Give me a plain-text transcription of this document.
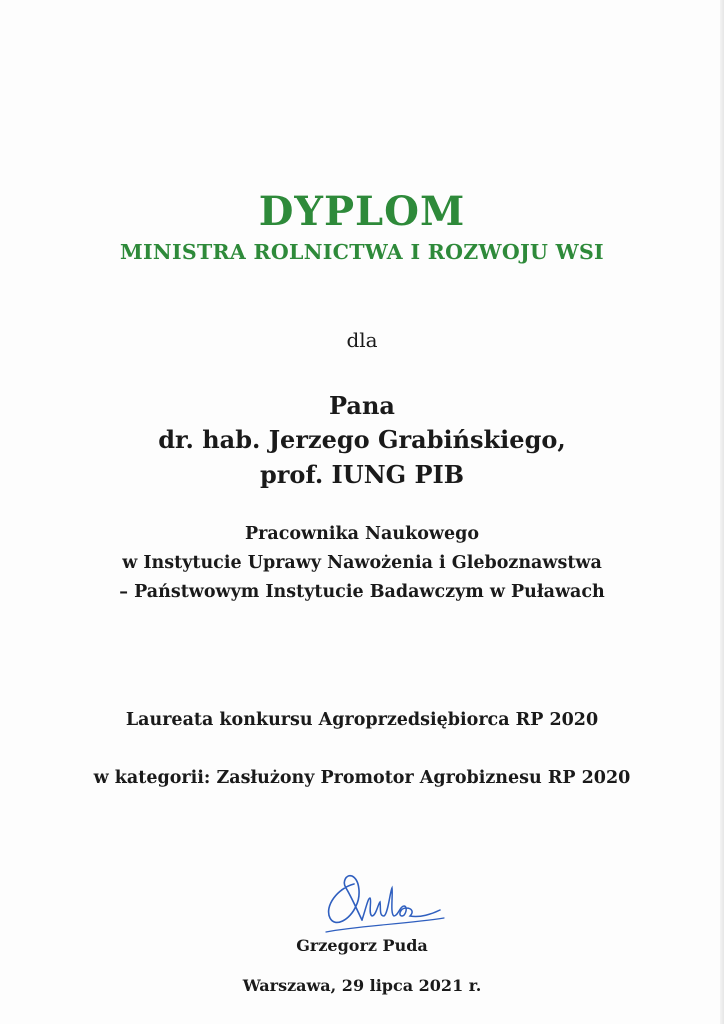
DYPLOM
MINISTRA ROLNICTWA I ROZWOJU WSI
dla
Pana
dr. hab. Jerzego Grabińskiego,
prof. IUNG PIB
Pracownika Naukowego
w Instytucie Uprawy Nawożenia i Gleboznawstwa
– Państwowym Instytucie Badawczym w Puławach
Laureata konkursu Agroprzedsiębiorca RP 2020
w kategorii: Zasłużony Promotor Agrobiznesu RP 2020
Grzegorz Puda
Warszawa, 29 lipca 2021 r.
